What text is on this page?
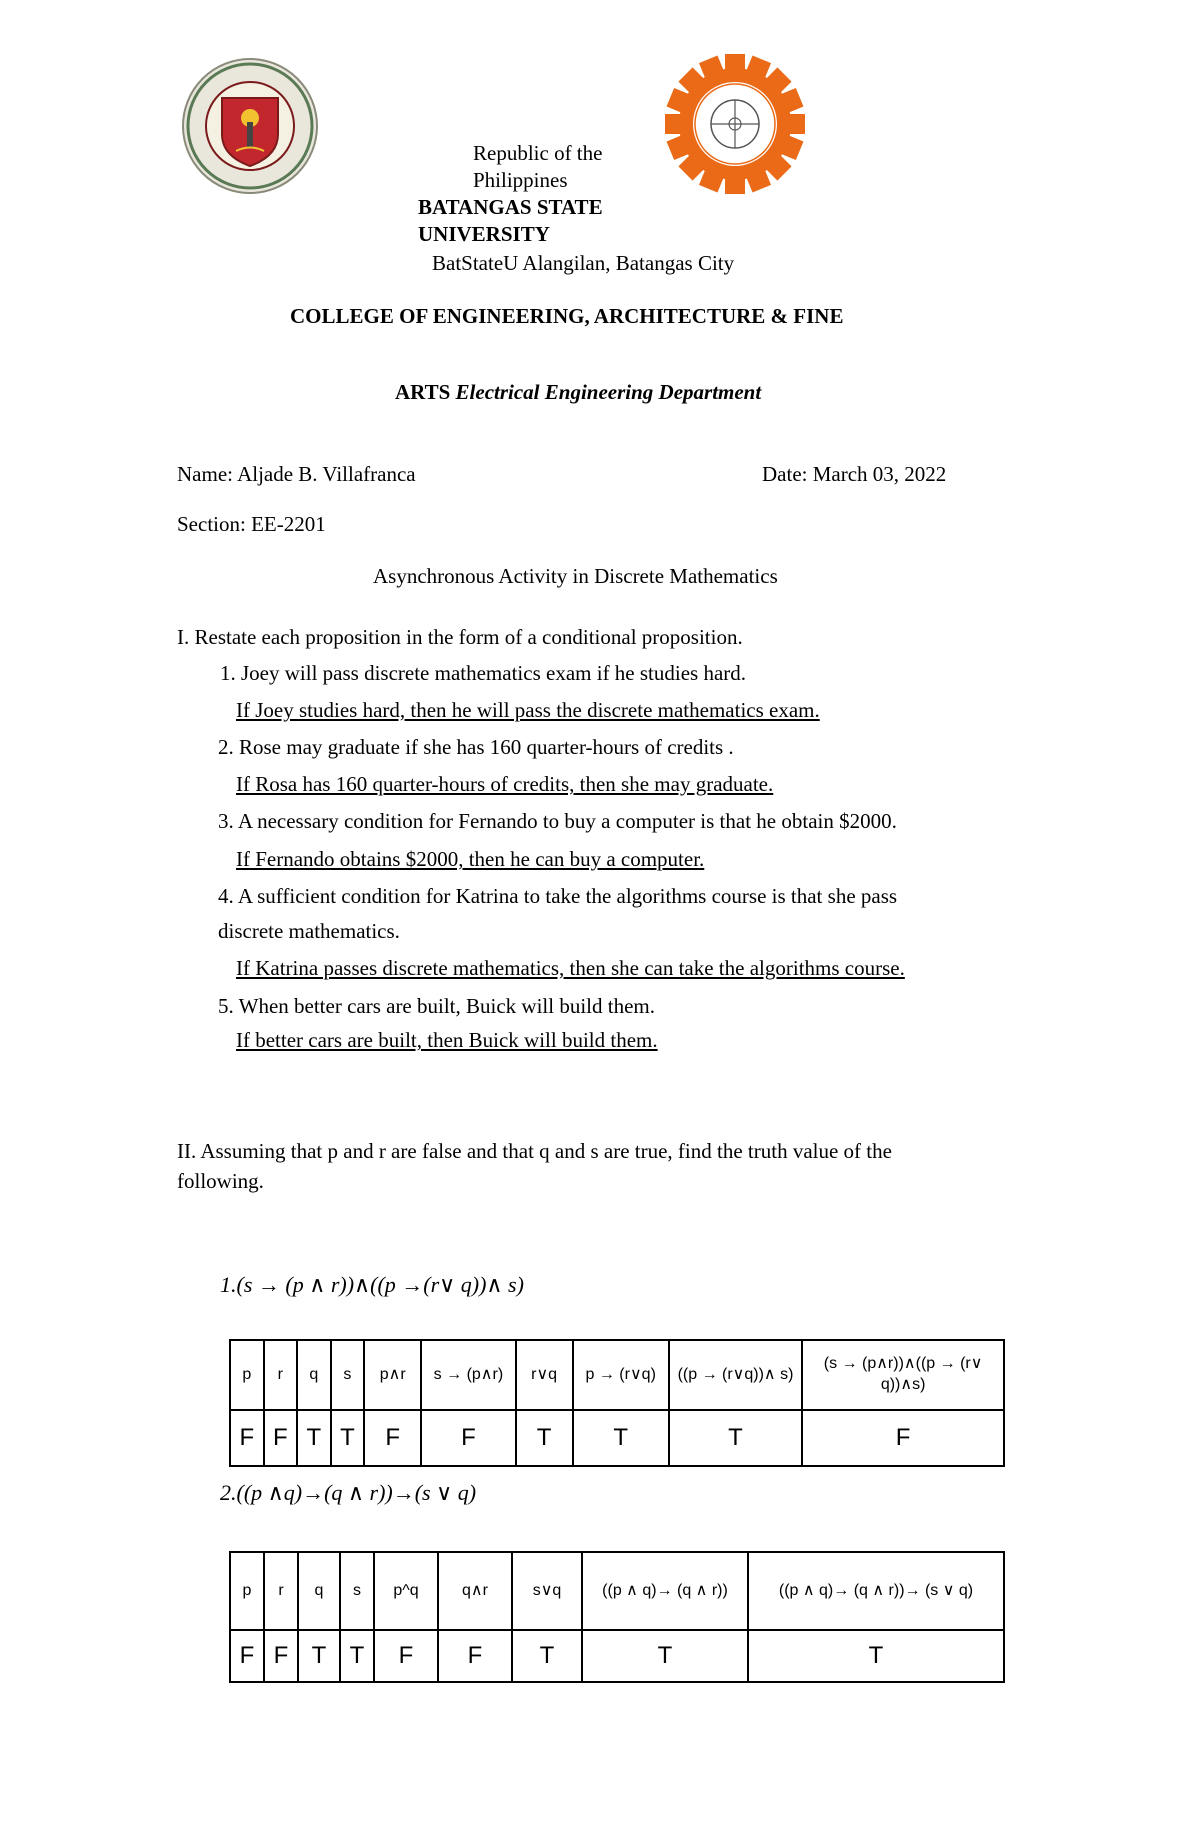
Republic of the
Philippines
BATANGAS STATE
UNIVERSITY
BatStateU Alangilan, Batangas City
COLLEGE OF ENGINEERING, ARCHITECTURE & FINE
ARTS Electrical Engineering Department
Name: Aljade B. Villafranca	Date: March 03, 2022
Section: EE-2201
Asynchronous Activity in Discrete Mathematics
I. Restate each proposition in the form of a conditional proposition.
1. Joey will pass discrete mathematics exam if he studies hard.
If Joey studies hard, then he will pass the discrete mathematics exam.
2. Rose may graduate if she has 160 quarter-hours of credits .
If Rosa has 160 quarter-hours of credits, then she may graduate.
3. A necessary condition for Fernando to buy a computer is that he obtain $2000.
If Fernando obtains $2000, then he can buy a computer.
4. A sufficient condition for Katrina to take the algorithms course is that she pass
discrete mathematics.
If Katrina passes discrete mathematics, then she can take the algorithms course.
5. When better cars are built, Buick will build them.
If better cars are built, then Buick will build them.
II. Assuming that p and r are false and that q and s are true, find the truth value of the
following.
1.(s → (p ∧ r))∧((p →(r∨ q))∧ s)
p	r	q	s	p∧r	s → (p∧r)	r∨q	p → (r∨q)	((p → (r∨q))∧ s)	(s → (p∧r))∧((p → (r∨ q))∧s)
F	F	T	T	F	F	T	T	T	F
2.((p ∧q)→(q ∧ r))→(s ∨ q)
p	r	q	s	p^q	q∧r	s∨q	((p ∧ q)→ (q ∧ r))	((p ∧ q)→ (q ∧ r))→ (s ∨ q)
F	F	T	T	F	F	T	T	T
